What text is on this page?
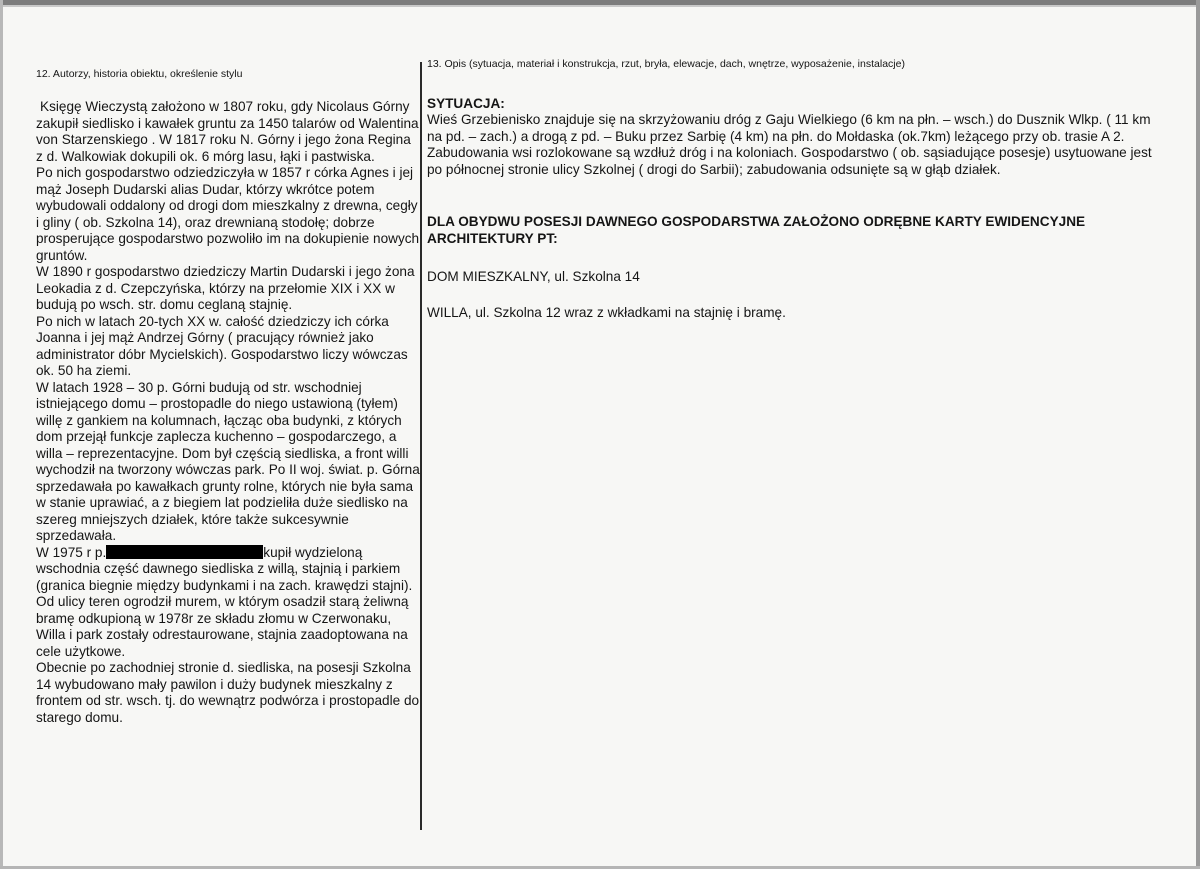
12. Autorzy, historia obiektu, określenie stylu

Księgę Wieczystą założono w 1807 roku, gdy Nicolaus Górny zakupił siedlisko i kawałek gruntu za 1450 talarów od Walentina von Starzenskiego . W 1817 roku N. Górny i jego żona Regina z d. Walkowiak dokupili ok. 6 mórg lasu, łąki i pastwiska.

Po nich gospodarstwo odziedziczyła w 1857 r córka Agnes i jej mąż Joseph Dudarski alias Dudar, którzy wkrótce potem wybudowali oddalony od drogi dom mieszkalny z drewna, cegły i gliny ( ob. Szkolna 14), oraz drewnianą stodołę; dobrze prosperujące gospodarstwo pozwoliło im na dokupienie nowych gruntów.

W 1890 r gospodarstwo dziedziczy Martin Dudarski i jego żona Leokadia z d. Czepczyńska, którzy na przełomie XIX i XX w budują po wsch. str. domu ceglaną stajnię.

Po nich w latach 20-tych XX w. całość dziedziczy ich córka Joanna i jej mąż Andrzej Górny ( pracujący również jako administrator dóbr Mycielskich). Gospodarstwo liczy wówczas ok. 50 ha ziemi.

W latach 1928 – 30 p. Górni budują od str. wschodniej istniejącego domu – prostopadle do niego ustawioną (tyłem) willę z gankiem na kolumnach, łącząc oba budynki, z których dom przejął funkcje zaplecza kuchenno – gospodarczego, a willa – reprezentacyjne. Dom był częścią siedliska, a front willi wychodził na tworzony wówczas park. Po II woj. świat. p. Górna sprzedawała po kawałkach grunty rolne, których nie była sama w stanie uprawiać, a z biegiem lat podzieliła duże siedlisko na szereg mniejszych działek, które także sukcesywnie sprzedawała.

W 1975 r p.	kupił wydzieloną wschodnia część dawnego siedliska z willą, stajnią i parkiem (granica biegnie między budynkami i na zach. krawędzi stajni). Od ulicy teren ogrodził murem, w którym osadził starą żeliwną bramę odkupioną w 1978r ze składu złomu w Czerwonaku, Willa i park zostały odrestaurowane, stajnia zaadoptowana na cele użytkowe.

Obecnie po zachodniej stronie d. siedliska, na posesji Szkolna 14 wybudowano mały pawilon i duży budynek mieszkalny z frontem od str. wsch. tj. do wewnątrz podwórza i prostopadle do starego domu.

13. Opis (sytuacja, materiał i konstrukcja, rzut, bryła, elewacje, dach, wnętrze, wyposażenie, instalacje)

SYTUACJA:

Wieś Grzebienisko znajduje się na skrzyżowaniu dróg z Gaju Wielkiego (6 km na płn. – wsch.) do Dusznik Wlkp. ( 11 km na pd. – zach.) a drogą z pd. – Buku przez Sarbię (4 km) na płn. do Mołdaska (ok.7km) leżącego przy ob. trasie A 2. Zabudowania wsi rozlokowane są wzdłuż dróg i na koloniach. Gospodarstwo ( ob. sąsiadujące posesje) usytuowane jest po północnej stronie ulicy Szkolnej ( drogi do Sarbii); zabudowania odsunięte są w głąb działek.

DLA OBYDWU POSESJI DAWNEGO GOSPODARSTWA ZAŁOŻONO ODRĘBNE KARTY EWIDENCYJNE ARCHITEKTURY PT:
DOM MIESZKALNY, ul. Szkolna 14
WILLA, ul. Szkolna 12 wraz z wkładkami na stajnię i bramę.
